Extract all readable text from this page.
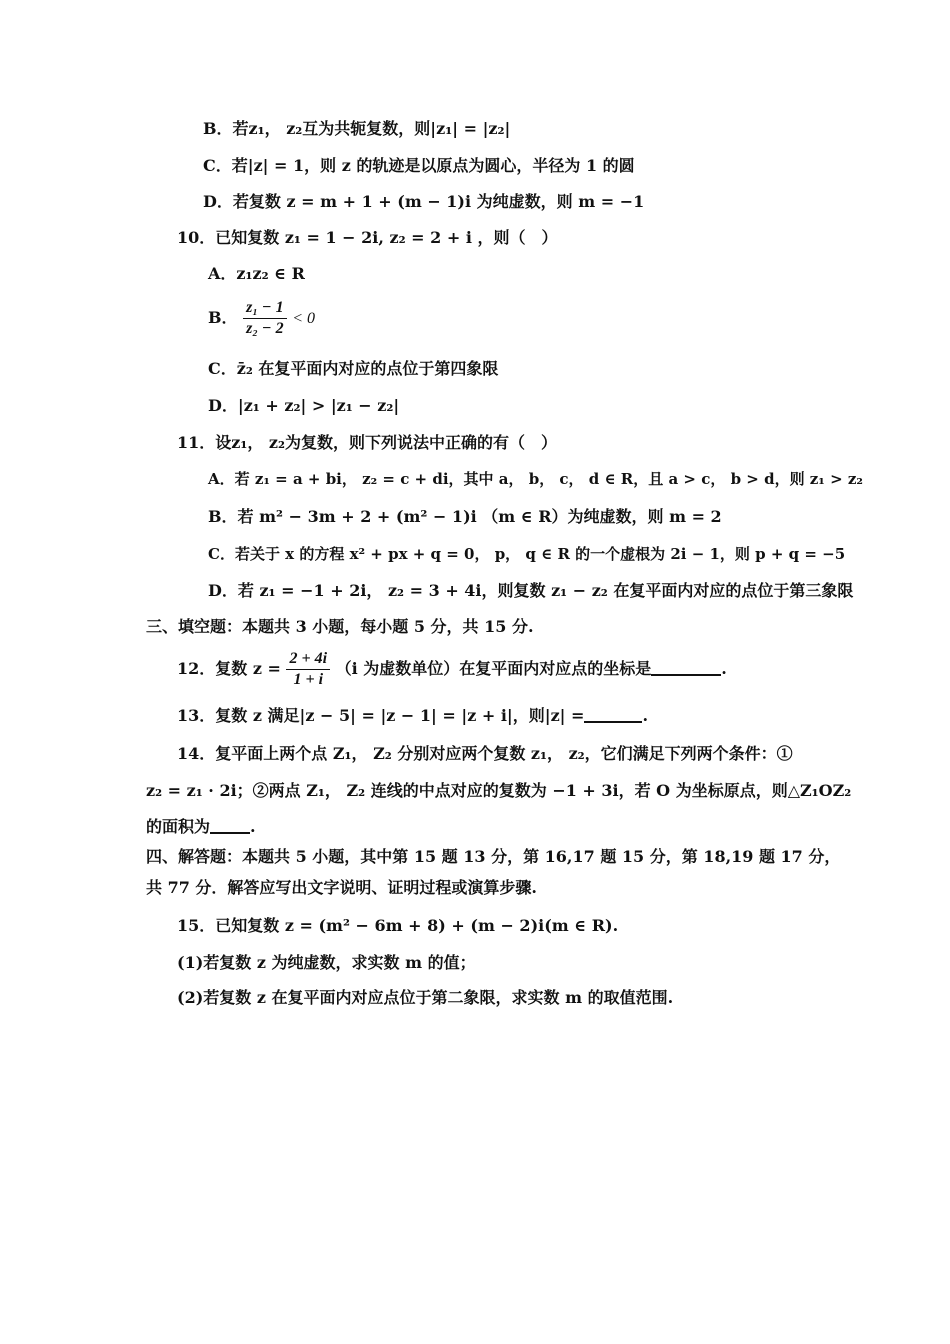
B．若z₁， z₂互为共轭复数，则|z₁| = |z₂|
C．若|z| = 1，则 z 的轨迹是以原点为圆心，半径为 1 的圆
D．若复数 z = m + 1 + (m − 1)i 为纯虚数，则 m = −1
10．已知复数 z₁ = 1 − 2i, z₂ = 2 + i ，则（　）
A．z₁z₂ ∈ R
B． $\frac{\text{z₁ − 1}}{\text{z₂ − 2}} < 0$
C．z̄₂ 在复平面内对应的点位于第四象限
D．|z₁ + z₂| > |z₁ − z₂|
11．设z₁， z₂为复数，则下列说法中正确的有（　）
A．若 z₁ = a + bi， z₂ = c + di，其中 a， b， c， d ∈ R，且 a > c， b > d，则 z₁ > z₂
B．若 m² − 3m + 2 + (m² − 1)i （m ∈ R）为纯虚数，则 m = 2
C．若关于 x 的方程 x² + px + q = 0， p， q ∈ R 的一个虚根为 2i − 1，则 p + q = −5
D．若 z₁ = −1 + 2i， z₂ = 3 + 4i，则复数 z₁ − z₂ 在复平面内对应的点位于第三象限
三、填空题：本题共 3 小题，每小题 5 分，共 15 分.
12．复数 $z = \frac{2 + 4i}{1 + i} (i$ 为虚数单位）在复平面内对应点的坐标是	.
13．复数 z 满足|z − 5| = |z − 1| = |z + i|，则|z| =	.
14．复平面上两个点 Z₁， Z₂ 分别对应两个复数 z₁， z₂，它们满足下列两个条件：①
z₂ = z₁ · 2i；②两点 Z₁， Z₂ 连线的中点对应的复数为 −1 + 3i，若 O 为坐标原点，则△Z₁OZ₂
的面积为	.
四、解答题：本题共 5 小题，其中第 15 题 13 分，第 16,17 题 15 分，第 18,19 题 17 分，
共 77 分．解答应写出文字说明、证明过程或演算步骤.
15．已知复数 z = (m² − 6m + 8) + (m − 2)i(m ∈ R).
(1)若复数 z 为纯虚数，求实数 m 的值；
(2)若复数 z 在复平面内对应点位于第二象限，求实数 m 的取值范围.
